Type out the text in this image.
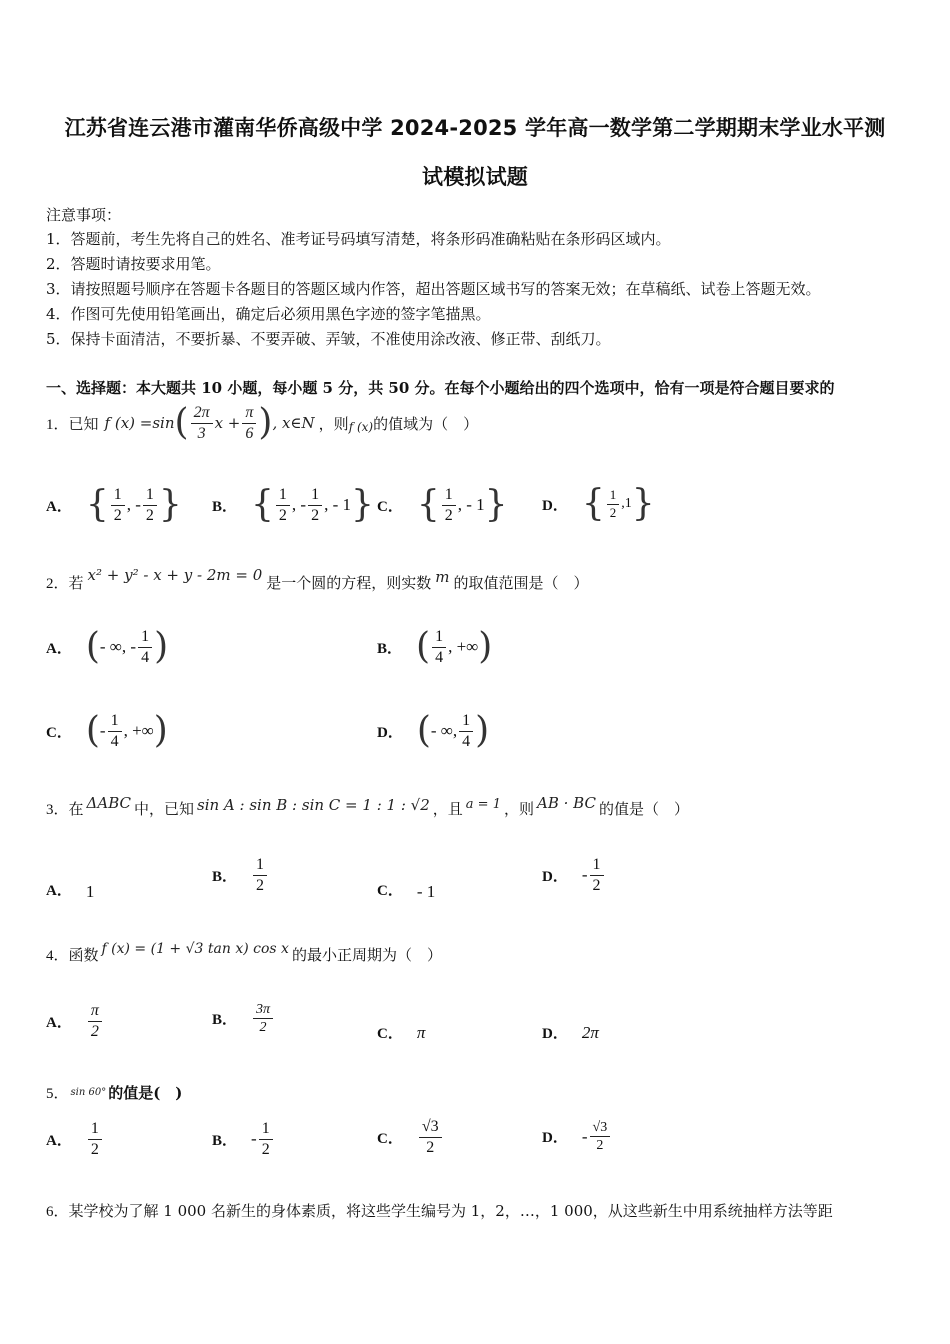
江苏省连云港市灌南华侨高级中学 2024-2025 学年高一数学第二学期期末学业水平测
试模拟试题
注意事项：
1．答题前，考生先将自己的姓名、准考证号码填写清楚，将条形码准确粘贴在条形码区域内。
2．答题时请按要求用笔。
3．请按照题号顺序在答题卡各题目的答题区域内作答，超出答题区域书写的答案无效；在草稿纸、试卷上答题无效。
4．作图可先使用铅笔画出，确定后必须用黑色字迹的签字笔描黑。
5．保持卡面清洁，不要折暴、不要弄破、弄皱，不准使用涂改液、修正带、刮纸刀。
一、选择题：本大题共 10 小题，每小题 5 分，共 50 分。在每个小题给出的四个选项中，恰有一项是符合题目要求的
1． 已知 f (x) =sin ( $\frac{2\pi}{3}$ $x + \frac{\pi}{6}$ ) , x∈N ，则 f (x) 的值域为（　）
A． { $\frac{1}{2}$ , - $\frac{1}{2}$ } B． { $\frac{1}{2}$ , - $\frac{1}{2}$ , - 1 } C． { $\frac{1}{2}$ , - 1 } D． { $\frac{1}{2} ,1$ }
2． 若 x² + y² - x + y - 2m = 0 是一个圆的方程，则实数 m 的取值范围是（　）
A． ( - ∞, - $\frac{1}{4}$ )	B． ( $\frac{1}{4}$ , +∞ )
C． ( - $\frac{1}{4}$ , +∞ )	D． ( - ∞, $\frac{1}{4}$ )
3． 在 ΔABC 中，已知 sin A : sin B : sin C = 1 : 1 : √2 ，且 a = 1 ，则 AB · BC 的值是（　）
A． 1
B． $\frac{1}{2}$	C． - 1
D． - $\frac{1}{2}$
4． 函数 f (x) = (1 + √3 tan x) cos x 的最小正周期为（　）
A． $\frac{\pi}{2}$	B． $\frac{3\pi}{2}$	C． π	D． 2π
5． sin 60° 的值是(　)
A． $\frac{1}{2}$	B． - $\frac{1}{2}$	C． $\frac{√3}{2}$	D． - $\frac{√3}{2}$
6． 某学校为了解 1 000 名新生的身体素质，将这些学生编号为 1，2，…，1 000，从这些新生中用系统抽样方法等距
